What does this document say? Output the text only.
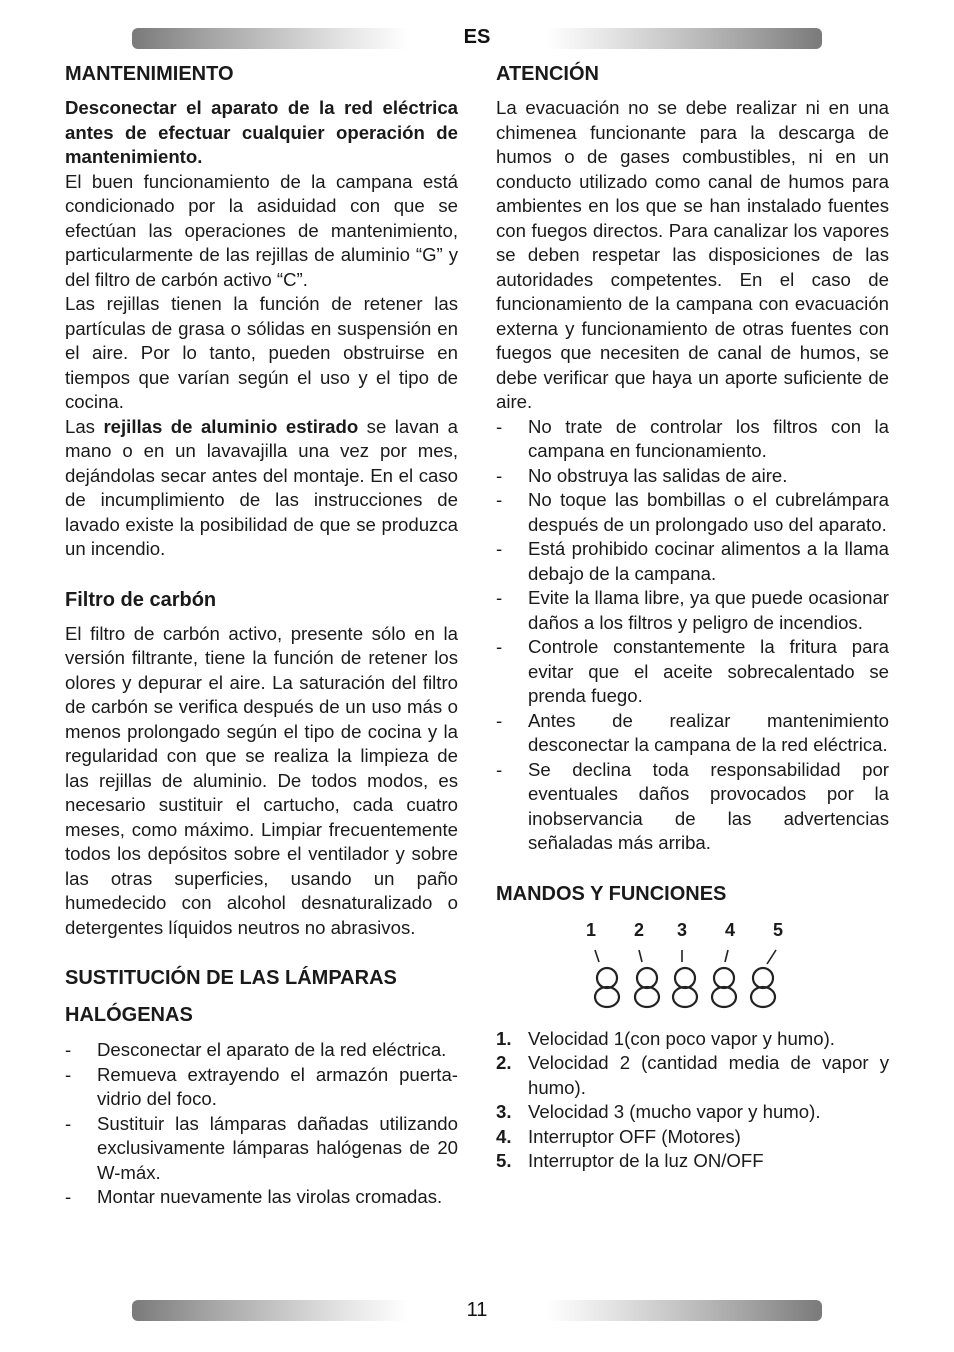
ES
MANTENIMIENTO

Desconectar el aparato de la red eléctrica antes de efectuar cualquier operación de mantenimiento.

El buen funcionamiento de la campana está condicionado por la asiduidad con que se efectúan las operaciones de mantenimiento, particularmente de las rejillas de aluminio “G” y del filtro de carbón activo “C”.

Las rejillas tienen la función de retener las partículas de grasa o sólidas en suspensión en el aire. Por lo tanto, pueden obstruirse en tiempos que varían según el uso y el tipo de cocina.

Las rejillas de aluminio estirado se lavan a mano o en un lavavajilla una vez por mes, dejándolas secar antes del montaje. En el caso de incumplimiento de las instrucciones de lavado existe la posibilidad de que se produzca un incendio.

Filtro de carbón

El filtro de carbón activo, presente sólo en la versión filtrante, tiene la función de retener los olores y depurar el aire. La saturación del filtro de carbón se verifica después de un uso más o menos prolongado según el tipo de cocina y la regularidad con que se realiza la limpieza de las rejillas de aluminio. De todos modos, es necesario sustituir el cartucho, cada cuatro meses, como máximo. Limpiar frecuentemente todos los depósitos sobre el ventilador y sobre las otras superficies, usando un paño humedecido con alcohol desnaturalizado o detergentes líquidos neutros no abrasivos.

SUSTITUCIÓN DE LAS LÁMPARAS
HALÓGENAS
- Desconectar el aparato de la red eléctrica.
- Remueva extrayendo el armazón puerta-vidrio del foco.
- Sustituir las lámparas dañadas utilizando exclusivamente lámparas halógenas de 20 W-máx.
- Montar nuevamente las virolas cromadas.
ATENCIÓN

La evacuación no se debe realizar ni en una chimenea funcionante para la descarga de humos o de gases combustibles, ni en un conducto utilizado como canal de humos para ambientes en los que se han instalado fuentes con fuegos directos. Para canalizar los vapores se deben respetar las disposiciones de las autoridades competentes. En el caso de funcionamiento de la campana con evacuación externa y funcionamiento de otras fuentes con fuegos que necesiten de canal de humos, se debe verificar que haya un aporte suficiente de aire.

- No trate de controlar los filtros con la campana en funcionamiento.
- No obstruya las salidas de aire.
- No toque las bombillas o el cubrelámpara después de un prolongado uso del aparato.
- Está prohibido cocinar alimentos a la llama debajo de la campana.
- Evite la llama libre, ya que puede ocasionar daños a los filtros y peligro de incendios.
- Controle constantemente la fritura para evitar que el aceite sobrecalentado se prenda fuego.
- Antes de realizar mantenimiento desconectar la campana de la red eléctrica.
- Se declina toda responsabilidad por eventuales daños provocados por la inobservancia de las advertencias señaladas más arriba.
MANDOS Y FUNCIONES
1	2	3	4	5
1. Velocidad 1(con poco vapor y humo).
2. Velocidad 2 (cantidad media de vapor y humo).
3. Velocidad 3 (mucho vapor y humo).
4. Interruptor OFF (Motores)
5. Interruptor de la luz ON/OFF
11
